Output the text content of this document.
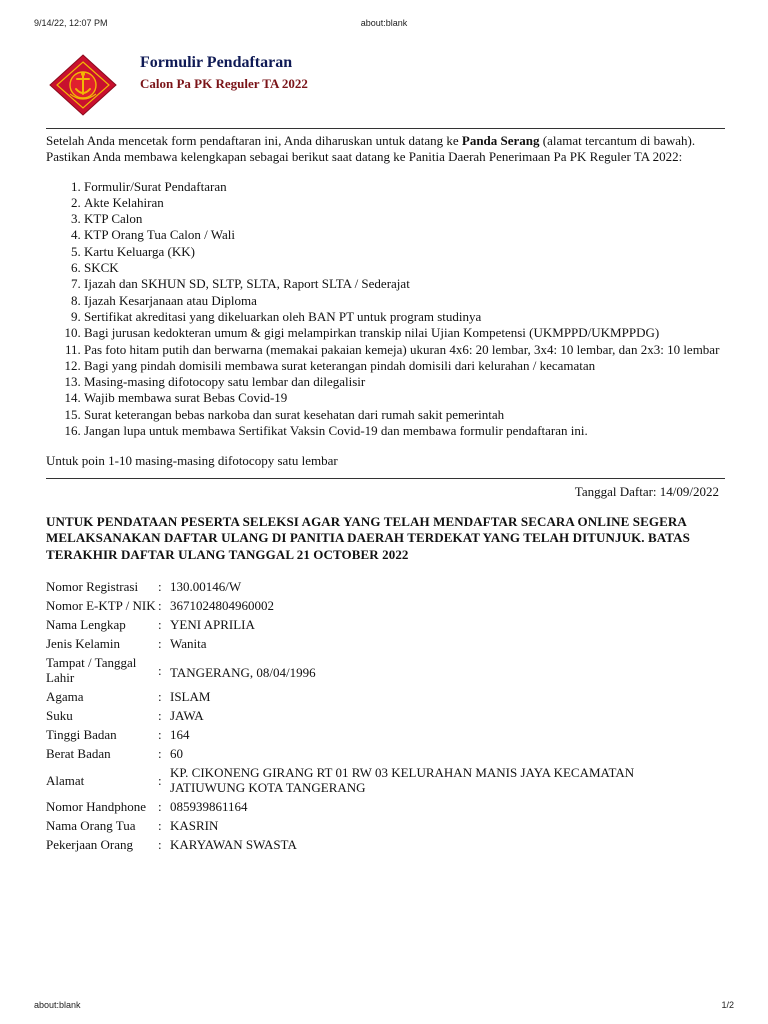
9/14/22, 12:07 PM	about:blank
Formulir Pendaftaran
Calon Pa PK Reguler TA 2022

Setelah Anda mencetak form pendaftaran ini, Anda diharuskan untuk datang ke Panda Serang (alamat tercantum di bawah). Pastikan Anda membawa kelengkapan sebagai berikut saat datang ke Panitia Daerah Penerimaan Pa PK Reguler TA 2022:

1. Formulir/Surat Pendaftaran
2. Akte Kelahiran
3. KTP Calon
4. KTP Orang Tua Calon / Wali
5. Kartu Keluarga (KK)
6. SKCK
7. Ijazah dan SKHUN SD, SLTP, SLTA, Raport SLTA / Sederajat
8. Ijazah Kesarjanaan atau Diploma
9. Sertifikat akreditasi yang dikeluarkan oleh BAN PT untuk program studinya
10. Bagi jurusan kedokteran umum & gigi melampirkan transkip nilai Ujian Kompetensi (UKMPPD/UKMPPDG)
11. Pas foto hitam putih dan berwarna (memakai pakaian kemeja) ukuran 4x6: 20 lembar, 3x4: 10 lembar, dan 2x3: 10 lembar
12. Bagi yang pindah domisili membawa surat keterangan pindah domisili dari kelurahan / kecamatan
13. Masing-masing difotocopy satu lembar dan dilegalisir
14. Wajib membawa surat Bebas Covid-19
15. Surat keterangan bebas narkoba dan surat kesehatan dari rumah sakit pemerintah
16. Jangan lupa untuk membawa Sertifikat Vaksin Covid-19 dan membawa formulir pendaftaran ini.

Untuk poin 1-10 masing-masing difotocopy satu lembar

Tanggal Daftar: 14/09/2022

UNTUK PENDATAAN PESERTA SELEKSI AGAR YANG TELAH MENDAFTAR SECARA ONLINE SEGERA MELAKSANAKAN DAFTAR ULANG DI PANITIA DAERAH TERDEKAT YANG TELAH DITUNJUK. BATAS TERAKHIR DAFTAR ULANG TANGGAL 21 OCTOBER 2022

Nomor Registrasi	:	130.00146/W
Nomor E-KTP / NIK	:	3671024804960002
Nama Lengkap	:	YENI APRILIA
Jenis Kelamin	:	Wanita
Tampat / Tanggal Lahir	:	TANGERANG, 08/04/1996
Agama	:	ISLAM
Suku	:	JAWA
Tinggi Badan	:	164
Berat Badan	:	60
Alamat	:	KP. CIKONENG GIRANG RT 01 RW 03 KELURAHAN MANIS JAYA KECAMATAN JATIUWUNG KOTA TANGERANG
Nomor Handphone	:	085939861164
Nama Orang Tua	:	KASRIN
Pekerjaan Orang	:	KARYAWAN SWASTA
about:blank	1/2
